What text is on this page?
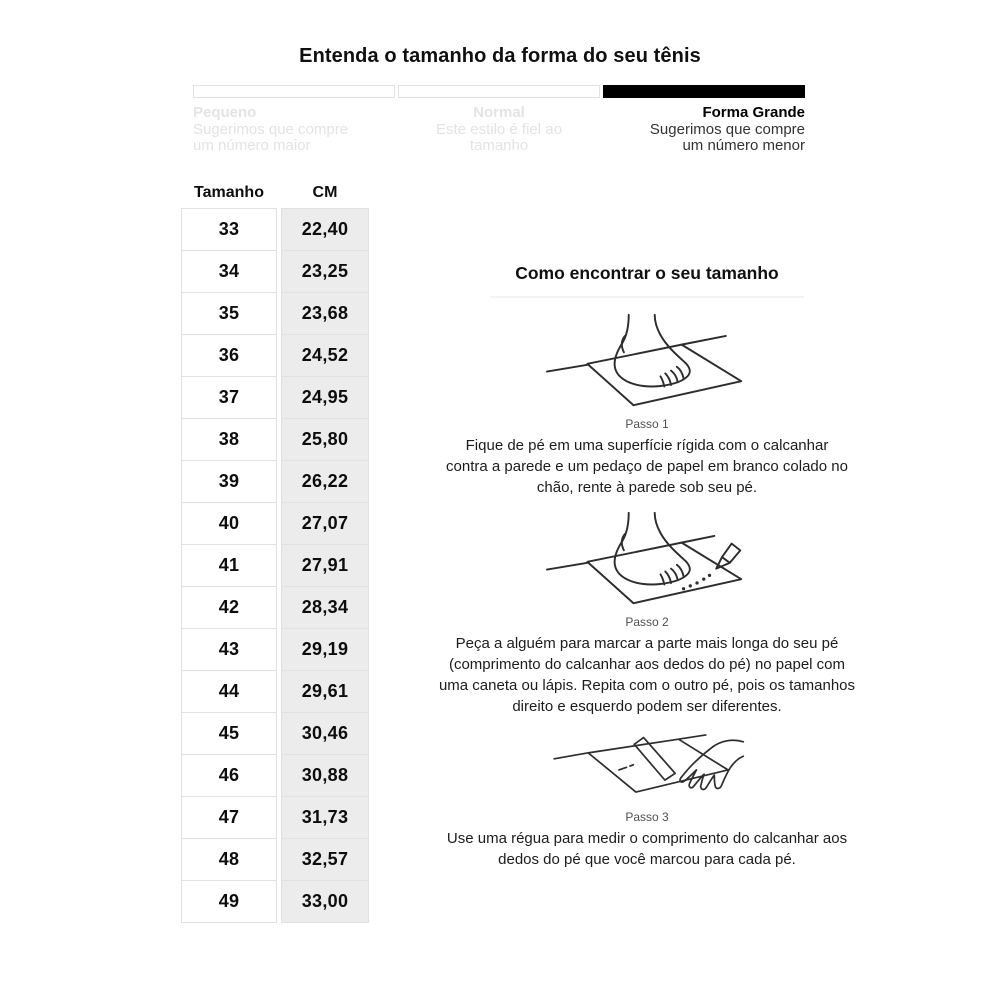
Entenda o tamanho da forma do seu tênis
Pequeno
Sugerimos que compre um número maior
Normal
Este estilo é fiel ao tamanho
Forma Grande
Sugerimos que compre um número menor
Tamanho	CM
33	22,40
34	23,25
35	23,68
36	24,52
37	24,95
38	25,80
39	26,22
40	27,07
41	27,91
42	28,34
43	29,19
44	29,61
45	30,46
46	30,88
47	31,73
48	32,57
49	33,00
Como encontrar o seu tamanho
Passo 1
Fique de pé em uma superfície rígida com o calcanhar contra a parede e um pedaço de papel em branco colado no chão, rente à parede sob seu pé.
Passo 2
Peça a alguém para marcar a parte mais longa do seu pé (comprimento do calcanhar aos dedos do pé) no papel com uma caneta ou lápis. Repita com o outro pé, pois os tamanhos direito e esquerdo podem ser diferentes.
Passo 3
Use uma régua para medir o comprimento do calcanhar aos dedos do pé que você marcou para cada pé.
